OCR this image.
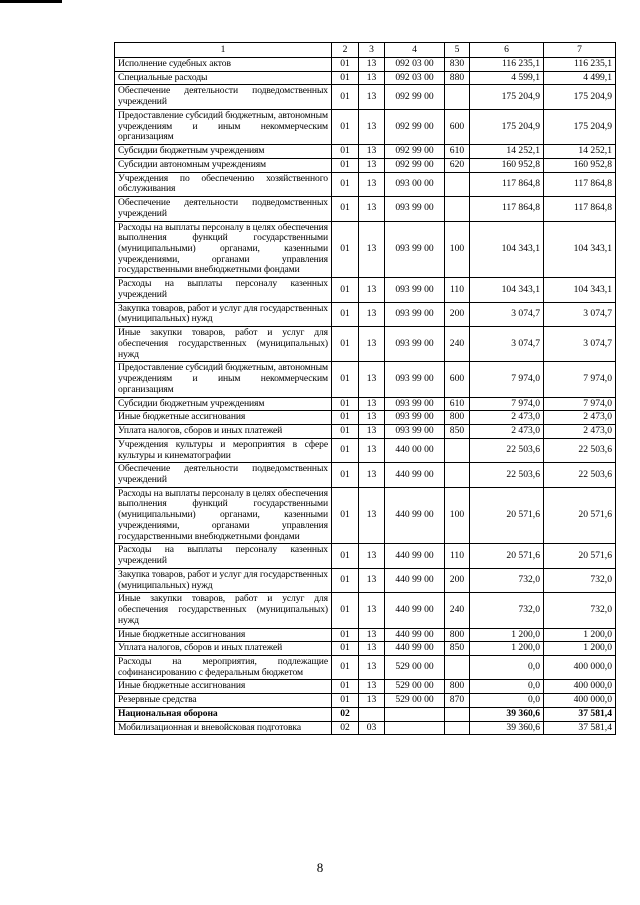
1	2	3	4	5	6	7
Исполнение судебных актов	01	13	092 03 00	830	116 235,1	116 235,1
Специальные расходы	01	13	092 03 00	880	4 599,1	4 499,1
Обеспечение деятельности подведомственных учреждений	01	13	092 99 00		175 204,9	175 204,9
Предоставление субсидий бюджетным, автономным учреждениям и иным некоммерческим организациям	01	13	092 99 00	600	175 204,9	175 204,9
Субсидии бюджетным учреждениям	01	13	092 99 00	610	14 252,1	14 252,1
Субсидии автономным учреждениям	01	13	092 99 00	620	160 952,8	160 952,8
Учреждения по обеспечению хозяйственного обслуживания	01	13	093 00 00		117 864,8	117 864,8
Обеспечение деятельности подведомственных учреждений	01	13	093 99 00		117 864,8	117 864,8
Расходы на выплаты персоналу в целях обеспечения выполнения функций государственными (муниципальными) органами, казенными учреждениями, органами управления государственными внебюджетными фондами	01	13	093 99 00	100	104 343,1	104 343,1
Расходы на выплаты персоналу казенных учреждений	01	13	093 99 00	110	104 343,1	104 343,1
Закупка товаров, работ и услуг для государственных (муниципальных) нужд	01	13	093 99 00	200	3 074,7	3 074,7
Иные закупки товаров, работ и услуг для обеспечения государственных (муниципальных) нужд	01	13	093 99 00	240	3 074,7	3 074,7
Предоставление субсидий бюджетным, автономным учреждениям и иным некоммерческим организациям	01	13	093 99 00	600	7 974,0	7 974,0
Субсидии бюджетным учреждениям	01	13	093 99 00	610	7 974,0	7 974,0
Иные бюджетные ассигнования	01	13	093 99 00	800	2 473,0	2 473,0
Уплата налогов, сборов и иных платежей	01	13	093 99 00	850	2 473,0	2 473,0
Учреждения культуры и мероприятия в сфере культуры и кинематографии	01	13	440 00 00		22 503,6	22 503,6
Обеспечение деятельности подведомственных учреждений	01	13	440 99 00		22 503,6	22 503,6
Расходы на выплаты персоналу в целях обеспечения выполнения функций государственными (муниципальными) органами, казенными учреждениями, органами управления государственными внебюджетными фондами	01	13	440 99 00	100	20 571,6	20 571,6
Расходы на выплаты персоналу казенных учреждений	01	13	440 99 00	110	20 571,6	20 571,6
Закупка товаров, работ и услуг для государственных (муниципальных) нужд	01	13	440 99 00	200	732,0	732,0
Иные закупки товаров, работ и услуг для обеспечения государственных (муниципальных) нужд	01	13	440 99 00	240	732,0	732,0
Иные бюджетные ассигнования	01	13	440 99 00	800	1 200,0	1 200,0
Уплата налогов, сборов и иных платежей	01	13	440 99 00	850	1 200,0	1 200,0
Расходы на мероприятия, подлежащие софинансированию с федеральным бюджетом	01	13	529 00 00		0,0	400 000,0
Иные бюджетные ассигнования	01	13	529 00 00	800	0,0	400 000,0
Резервные средства	01	13	529 00 00	870	0,0	400 000,0
Национальная оборона	02				39 360,6	37 581,4
Мобилизационная и вневойсковая подготовка	02	03			39 360,6	37 581,4
8
